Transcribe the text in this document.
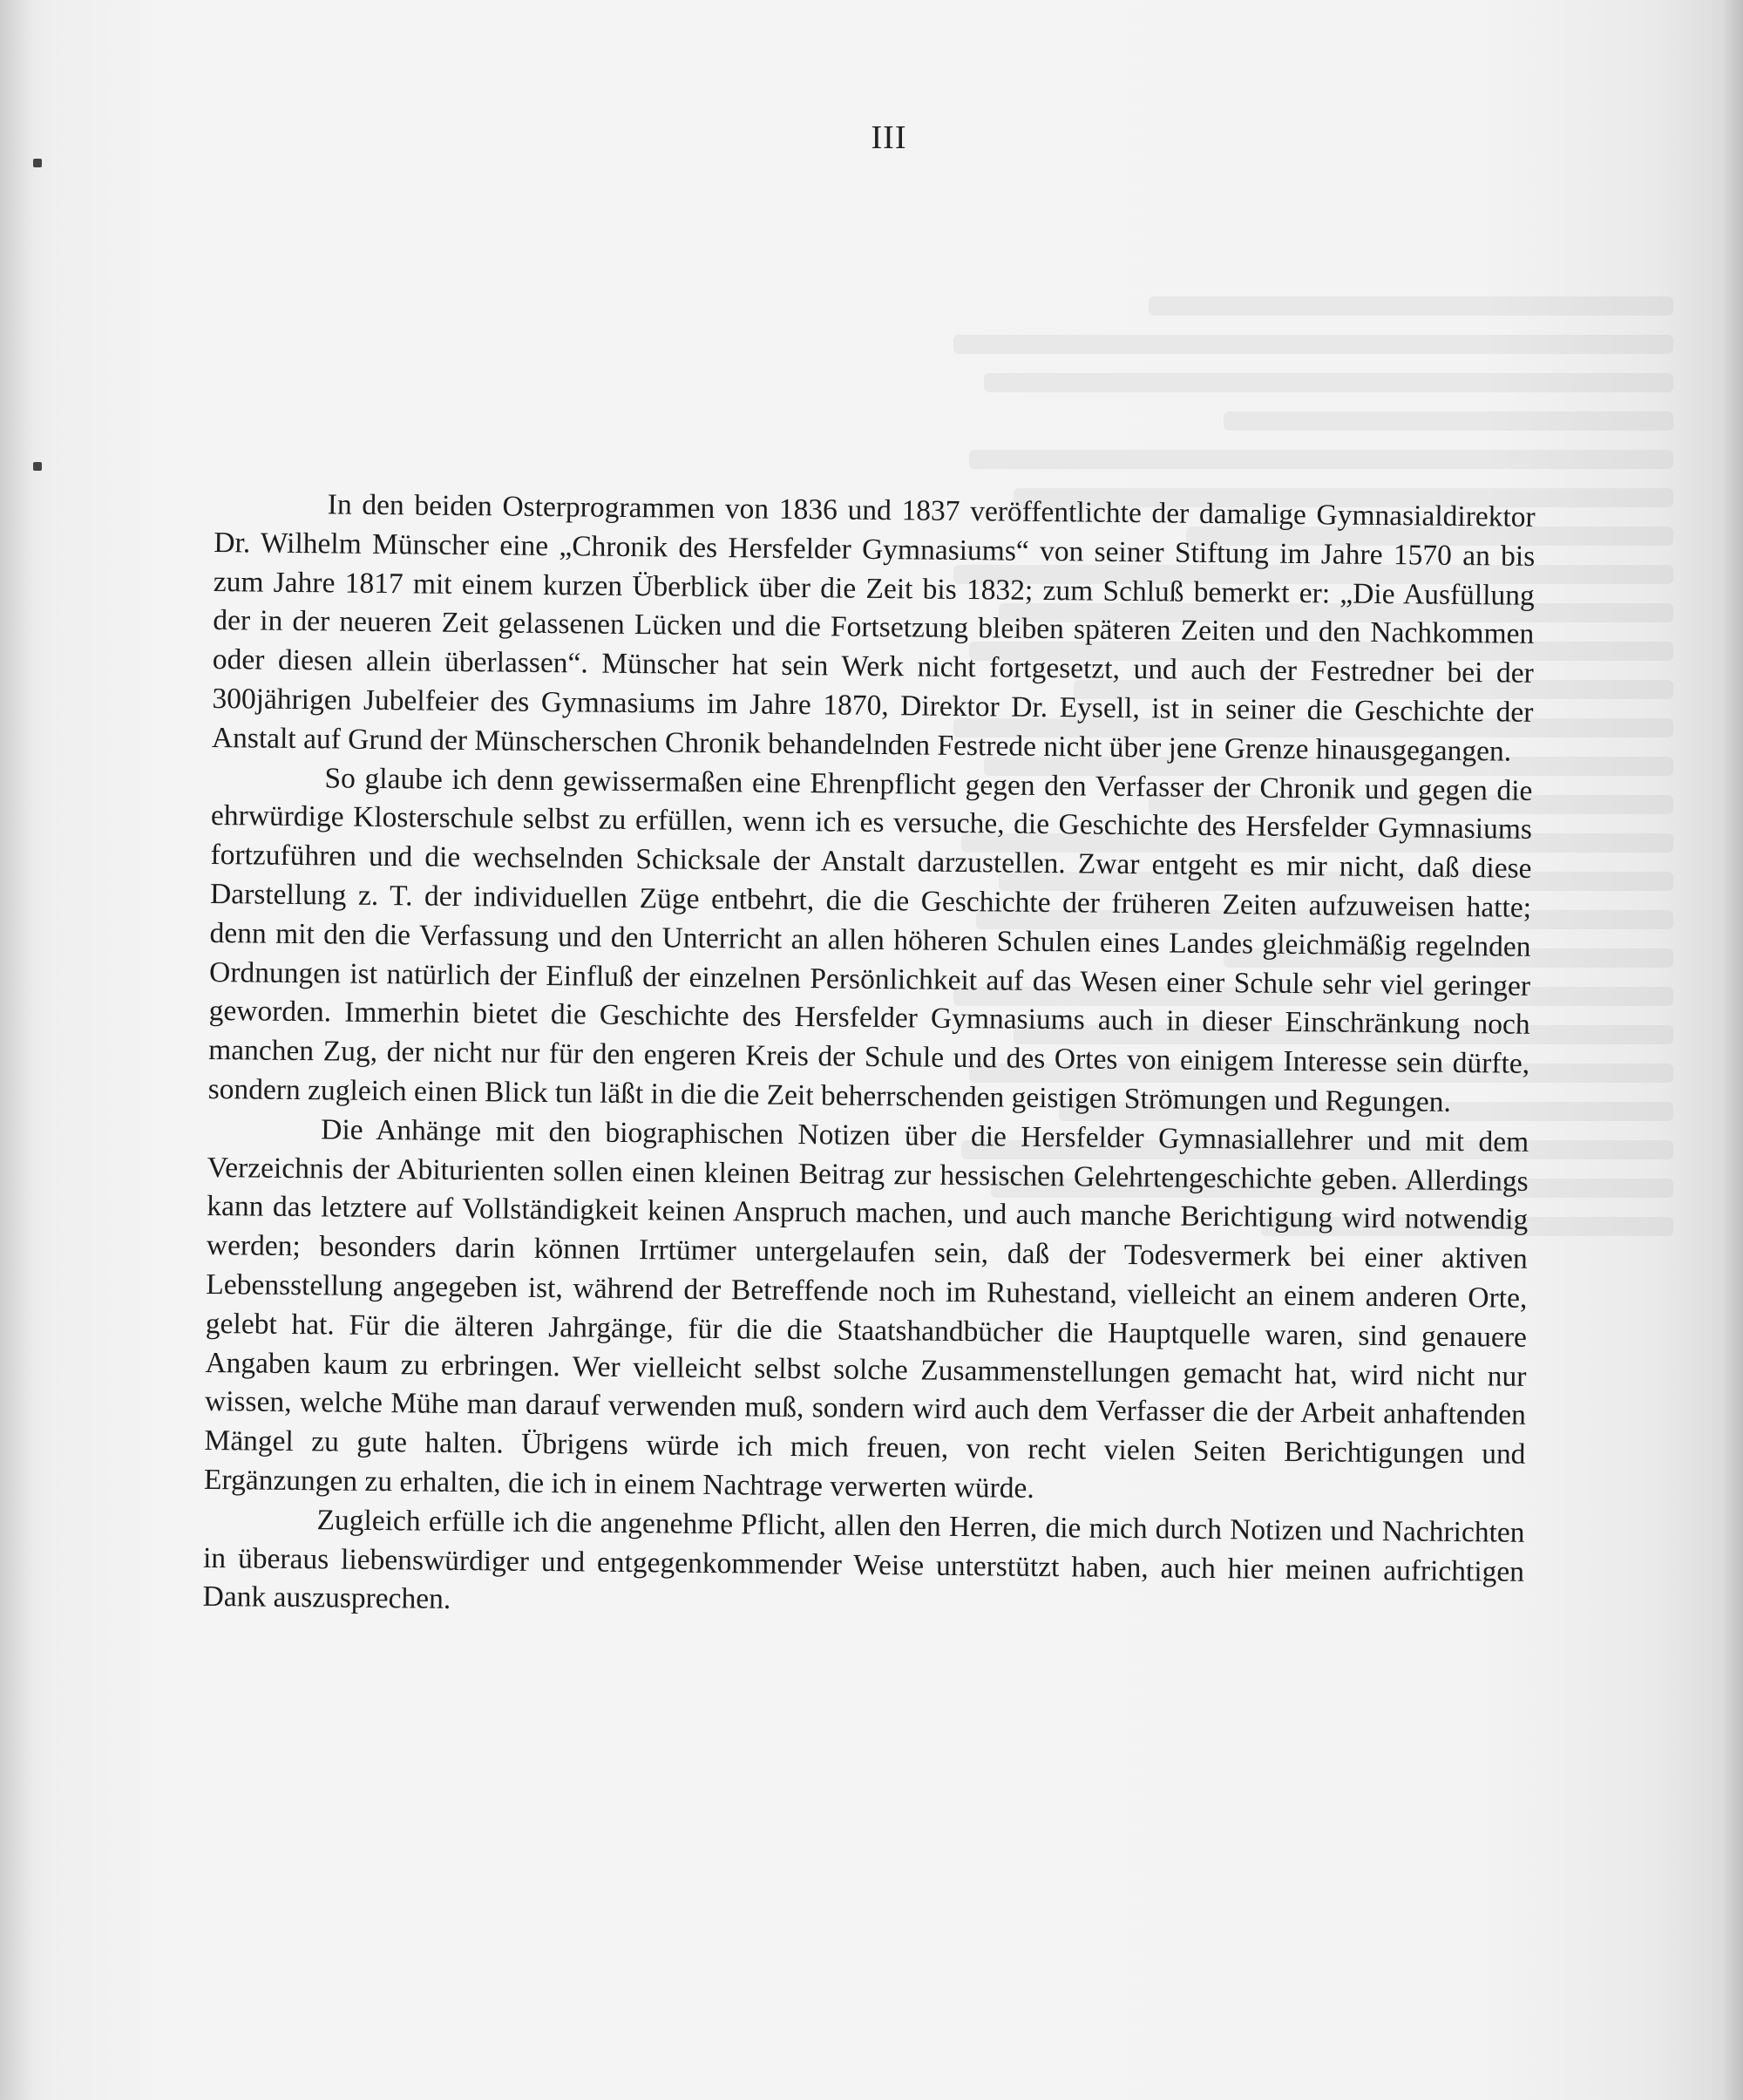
III

In den beiden Osterprogrammen von 1836 und 1837 veröffentlichte der damalige Gymnasialdirektor Dr. Wilhelm Münscher eine „Chronik des Hersfelder Gymnasiums“ von seiner Stiftung im Jahre 1570 an bis zum Jahre 1817 mit einem kurzen Überblick über die Zeit bis 1832; zum Schluß bemerkt er: „Die Ausfüllung der in der neueren Zeit gelassenen Lücken und die Fortsetzung bleiben späteren Zeiten und den Nachkommen oder diesen allein überlassen“. Münscher hat sein Werk nicht fortgesetzt, und auch der Festredner bei der 300jährigen Jubelfeier des Gymnasiums im Jahre 1870, Direktor Dr. Eysell, ist in seiner die Geschichte der Anstalt auf Grund der Münscherschen Chronik behandelnden Festrede nicht über jene Grenze hinausgegangen.

So glaube ich denn gewissermaßen eine Ehrenpflicht gegen den Verfasser der Chronik und gegen die ehrwürdige Klosterschule selbst zu erfüllen, wenn ich es versuche, die Geschichte des Hersfelder Gymnasiums fortzuführen und die wechselnden Schicksale der Anstalt darzustellen. Zwar entgeht es mir nicht, daß diese Darstellung z. T. der individuellen Züge entbehrt, die die Geschichte der früheren Zeiten aufzuweisen hatte; denn mit den die Verfassung und den Unterricht an allen höheren Schulen eines Landes gleichmäßig regelnden Ordnungen ist natürlich der Einfluß der einzelnen Persönlichkeit auf das Wesen einer Schule sehr viel geringer geworden. Immerhin bietet die Geschichte des Hersfelder Gymnasiums auch in dieser Einschränkung noch manchen Zug, der nicht nur für den engeren Kreis der Schule und des Ortes von einigem Interesse sein dürfte, sondern zugleich einen Blick tun läßt in die die Zeit beherrschenden geistigen Strömungen und Regungen.

Die Anhänge mit den biographischen Notizen über die Hersfelder Gymnasiallehrer und mit dem Verzeichnis der Abiturienten sollen einen kleinen Beitrag zur hessischen Gelehrtengeschichte geben. Allerdings kann das letztere auf Vollständigkeit keinen Anspruch machen, und auch manche Berichtigung wird notwendig werden; besonders darin können Irrtümer untergelaufen sein, daß der Todesvermerk bei einer aktiven Lebensstellung angegeben ist, während der Betreffende noch im Ruhestand, vielleicht an einem anderen Orte, gelebt hat. Für die älteren Jahrgänge, für die die Staatshandbücher die Hauptquelle waren, sind genauere Angaben kaum zu erbringen. Wer vielleicht selbst solche Zusammenstellungen gemacht hat, wird nicht nur wissen, welche Mühe man darauf verwenden muß, sondern wird auch dem Verfasser die der Arbeit anhaftenden Mängel zu gute halten. Übrigens würde ich mich freuen, von recht vielen Seiten Berichtigungen und Ergänzungen zu erhalten, die ich in einem Nachtrage verwerten würde.

Zugleich erfülle ich die angenehme Pflicht, allen den Herren, die mich durch Notizen und Nachrichten in überaus liebenswürdiger und entgegenkommender Weise unterstützt haben, auch hier meinen aufrichtigen Dank auszusprechen.
